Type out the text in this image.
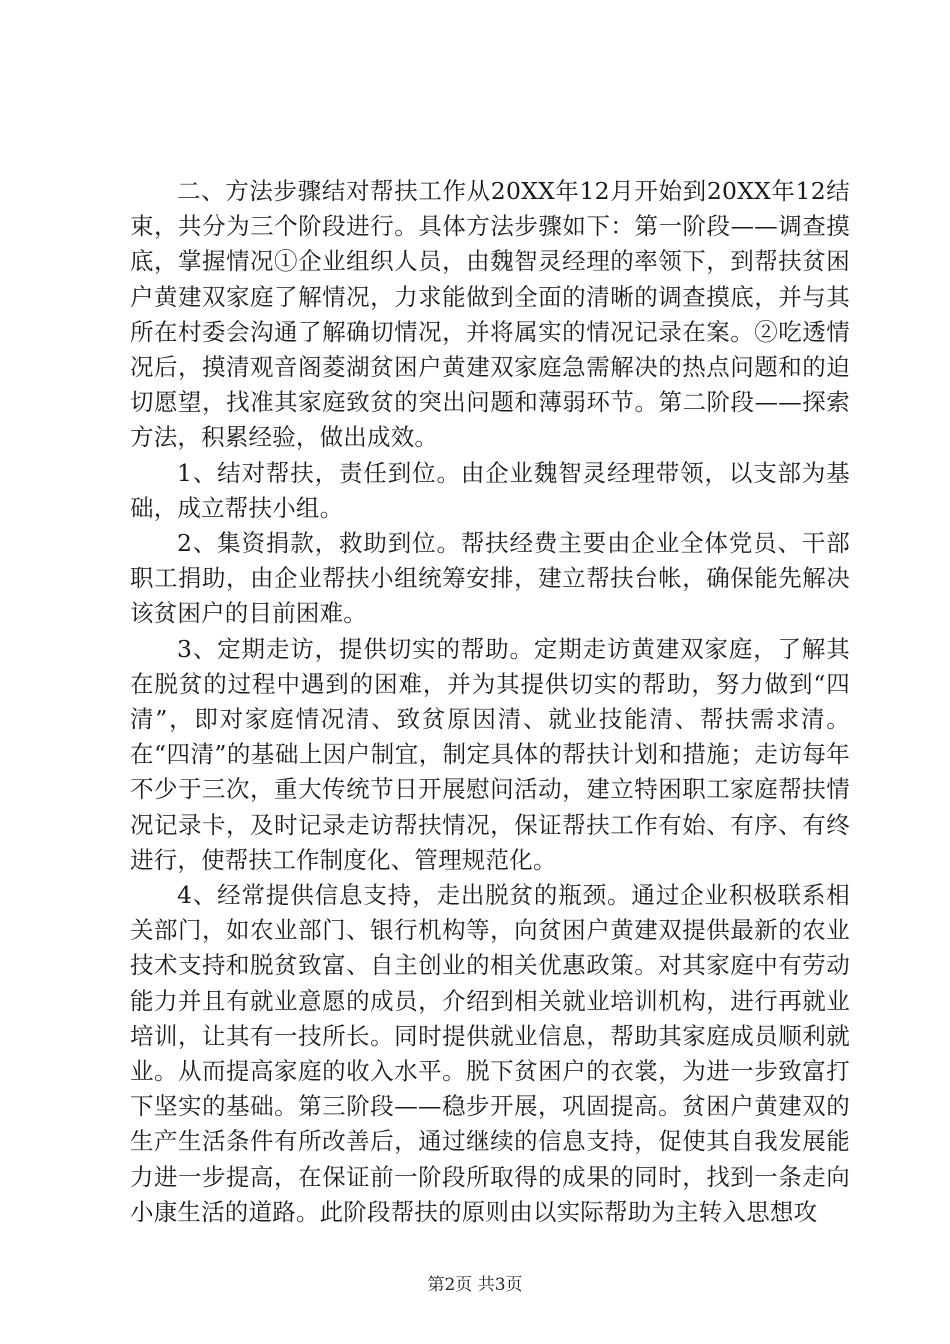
二、方法步骤结对帮扶工作从20XX年12月开始到20XX年12结束，共分为三个阶段进行。具体方法步骤如下：第一阶段——调查摸底，掌握情况①企业组织人员，由魏智灵经理的率领下，到帮扶贫困户黄建双家庭了解情况，力求能做到全面的清晰的调查摸底，并与其所在村委会沟通了解确切情况，并将属实的情况记录在案。②吃透情况后，摸清观音阁菱湖贫困户黄建双家庭急需解决的热点问题和的迫切愿望，找准其家庭致贫的突出问题和薄弱环节。第二阶段——探索方法，积累经验，做出成效。

1、结对帮扶，责任到位。由企业魏智灵经理带领，以支部为基础，成立帮扶小组。

2、集资捐款，救助到位。帮扶经费主要由企业全体党员、干部职工捐助，由企业帮扶小组统筹安排，建立帮扶台帐，确保能先解决该贫困户的目前困难。

3、定期走访，提供切实的帮助。定期走访黄建双家庭，了解其在脱贫的过程中遇到的困难，并为其提供切实的帮助，努力做到“四清”，即对家庭情况清、致贫原因清、就业技能清、帮扶需求清。在“四清”的基础上因户制宜，制定具体的帮扶计划和措施；走访每年不少于三次，重大传统节日开展慰问活动，建立特困职工家庭帮扶情况记录卡，及时记录走访帮扶情况，保证帮扶工作有始、有序、有终进行，使帮扶工作制度化、管理规范化。

4、经常提供信息支持，走出脱贫的瓶颈。通过企业积极联系相关部门，如农业部门、银行机构等，向贫困户黄建双提供最新的农业技术支持和脱贫致富、自主创业的相关优惠政策。对其家庭中有劳动能力并且有就业意愿的成员，介绍到相关就业培训机构，进行再就业培训，让其有一技所长。同时提供就业信息，帮助其家庭成员顺利就业。从而提高家庭的收入水平。脱下贫困户的衣裳，为进一步致富打下坚实的基础。第三阶段——稳步开展，巩固提高。贫困户黄建双的生产生活条件有所改善后，通过继续的信息支持，促使其自我发展能力进一步提高，在保证前一阶段所取得的成果的同时，找到一条走向小康生活的道路。此阶段帮扶的原则由以实际帮助为主转入思想攻

第2页 共3页
